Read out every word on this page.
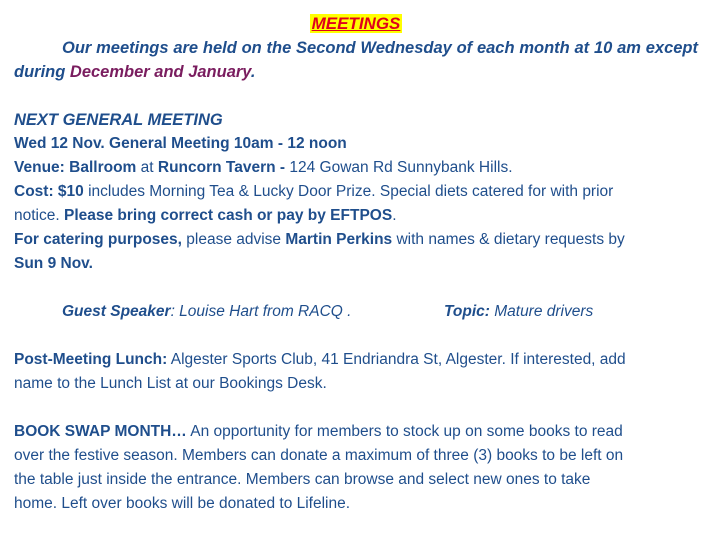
MEETINGS

Our meetings are held on the Second Wednesday of each month at 10 am except during December and January.

NEXT GENERAL MEETING

Wed 12 Nov. General Meeting 10am - 12 noon

Venue: Ballroom at Runcorn Tavern - 124 Gowan Rd Sunnybank Hills.

Cost: $10 includes Morning Tea & Lucky Door Prize. Special diets catered for with prior

notice. Please bring correct cash or pay by EFTPOS.

For catering purposes, please advise Martin Perkins with names & dietary requests by

Sun 9 Nov.

Guest Speaker: Louise Hart from RACQ .	Topic: Mature drivers

Post-Meeting Lunch: Algester Sports Club, 41 Endriandra St, Algester. If interested, add

name to the Lunch List at our Bookings Desk.

BOOK SWAP MONTH… An opportunity for members to stock up on some books to read

over the festive season. Members can donate a maximum of three (3) books to be left on

the table just inside the entrance. Members can browse and select new ones to take

home. Left over books will be donated to Lifeline.
